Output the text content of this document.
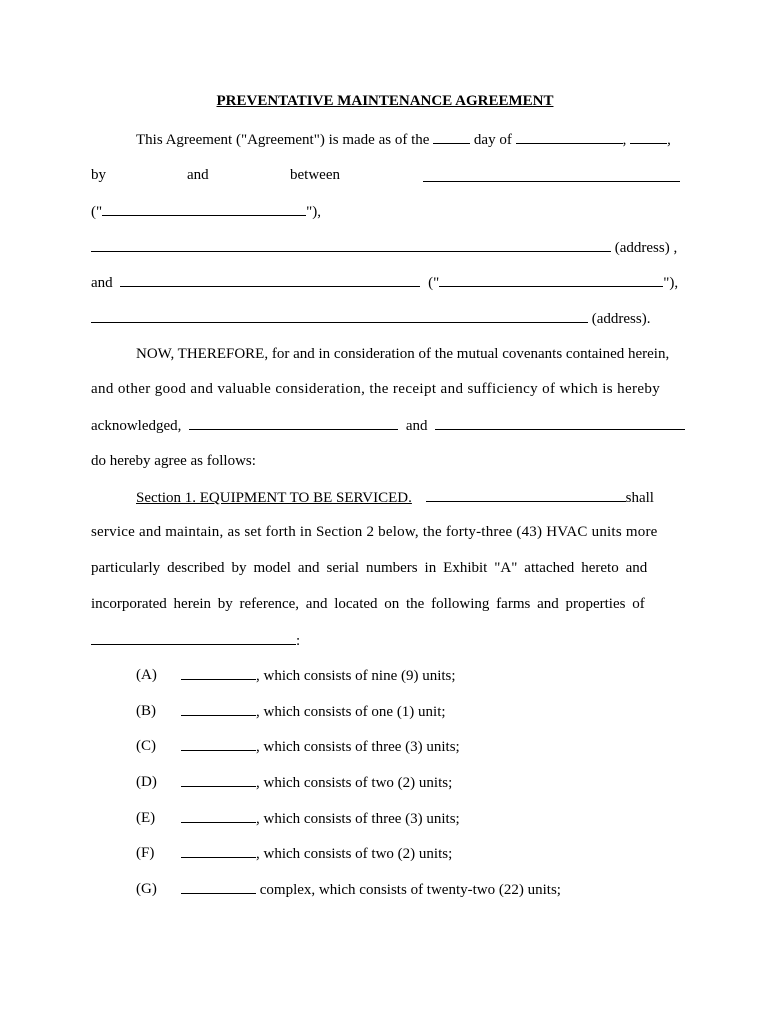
PREVENTATIVE MAINTENANCE AGREEMENT
This Agreement ("Agreement") is made as of the	day of	,	,
by	and	between
("	"),
(address) ,
and	("	"),
(address).
NOW, THEREFORE, for and in consideration of the mutual covenants contained herein,
and other good and valuable consideration, the receipt and sufficiency of which is hereby
acknowledged,	and
do hereby agree as follows:
Section 1. EQUIPMENT TO BE SERVICED.	shall
service and maintain, as set forth in Section 2 below, the forty-three (43) HVAC units more
particularly described by model and serial numbers in Exhibit "A" attached hereto and
incorporated herein by reference, and located on the following farms and properties of
:
(A)	, which consists of nine (9) units;
(B)	, which consists of one (1) unit;
(C)	, which consists of three (3) units;
(D)	, which consists of two (2) units;
(E)	, which consists of three (3) units;
(F)	, which consists of two (2) units;
(G)	complex, which consists of twenty-two (22) units;
